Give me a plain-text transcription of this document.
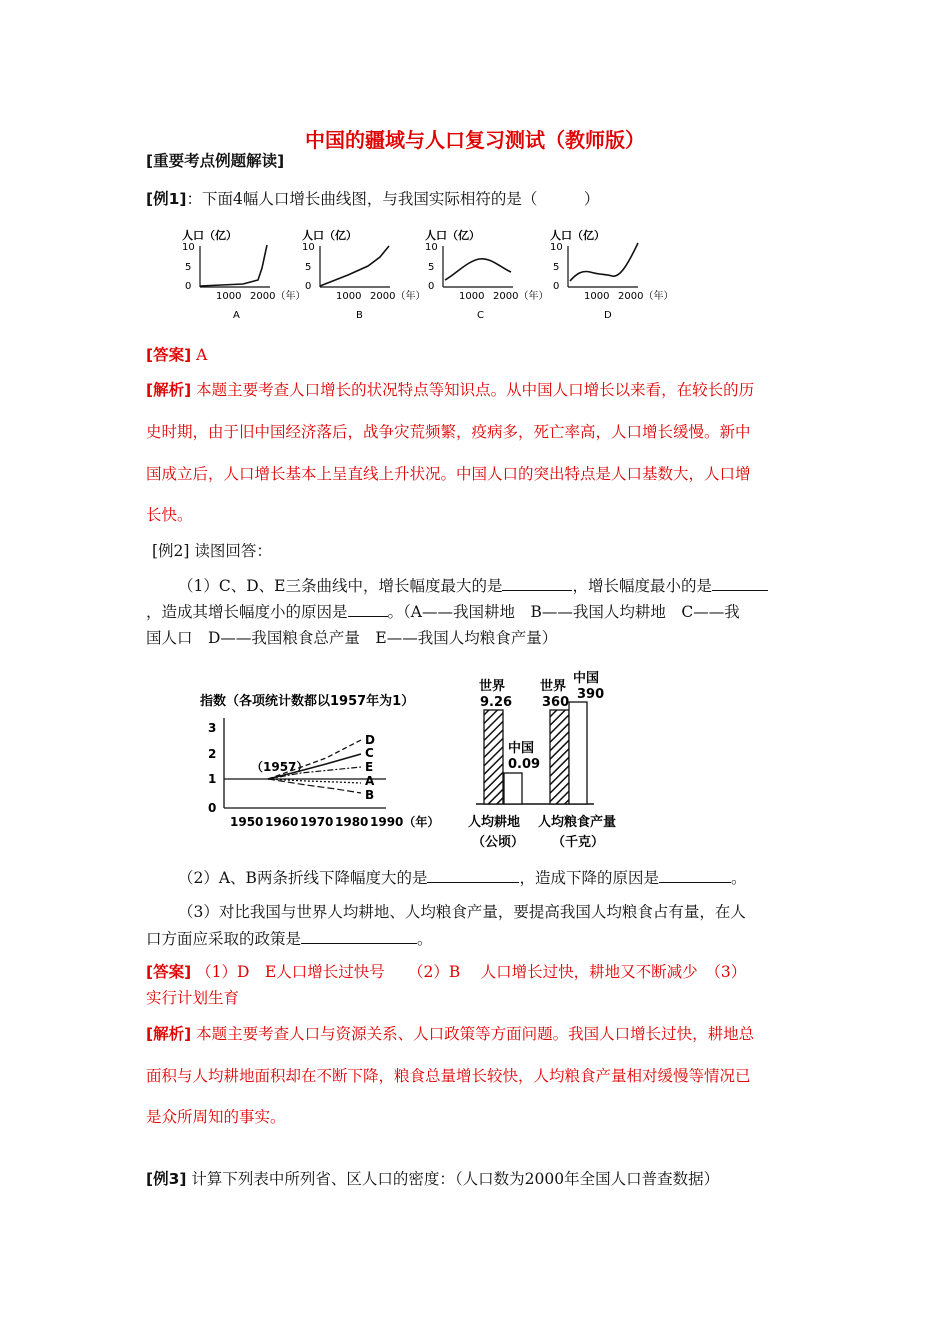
中国的疆域与人口复习测试（教师版）
[重要考点例题解读]
[例1]：下面4幅人口增长曲线图，与我国实际相符的是（　　　）
人口（亿）
10
5
0
1000 2000（年）
A
人口（亿）
10
5
0
1000 2000（年）
B
人口（亿）
10
5
0
1000 2000（年）
C
人口（亿）
10
5
0
1000 2000（年）
D
[答案] A
[解析] 本题主要考查人口增长的状况特点等知识点。从中国人口增长以来看，在较长的历
史时期，由于旧中国经济落后，战争灾荒频繁，疫病多，死亡率高，人口增长缓慢。新中
国成立后，人口增长基本上呈直线上升状况。中国人口的突出特点是人口基数大，人口增
长快。
[例2] 读图回答：
（1）C、D、E三条曲线中，增长幅度最大的是	，增长幅度最小的是
，造成其增长幅度小的原因是	。（A——我国耕地　B——我国人均耕地　C——我
国人口　D——我国粮食总产量　E——我国人均粮食产量）
指数（各项统计数都以1957年为1）
3
2
1
0
（1957）
D
C
E
A
B
1950 1960 1970 1980 1990（年）
世界
9.26
中国
0.09
世界
360
中国
390
人均耕地
（公顷）
人均粮食产量
（千克）
（2）A、B两条折线下降幅度大的是	，造成下降的原因是	。
（3）对比我国与世界人均耕地、人均粮食产量，要提高我国人均粮食占有量，在人
口方面应采取的政策是	。
[答案] （1）D　E人口增长过快号　　（2）B　 人口增长过快，耕地又不断减少　（3）
实行计划生育
[解析] 本题主要考查人口与资源关系、人口政策等方面问题。我国人口增长过快，耕地总
面积与人均耕地面积却在不断下降，粮食总量增长较快，人均粮食产量相对缓慢等情况已
是众所周知的事实。
[例3] 计算下列表中所列省、区人口的密度：（人口数为2000年全国人口普查数据）
